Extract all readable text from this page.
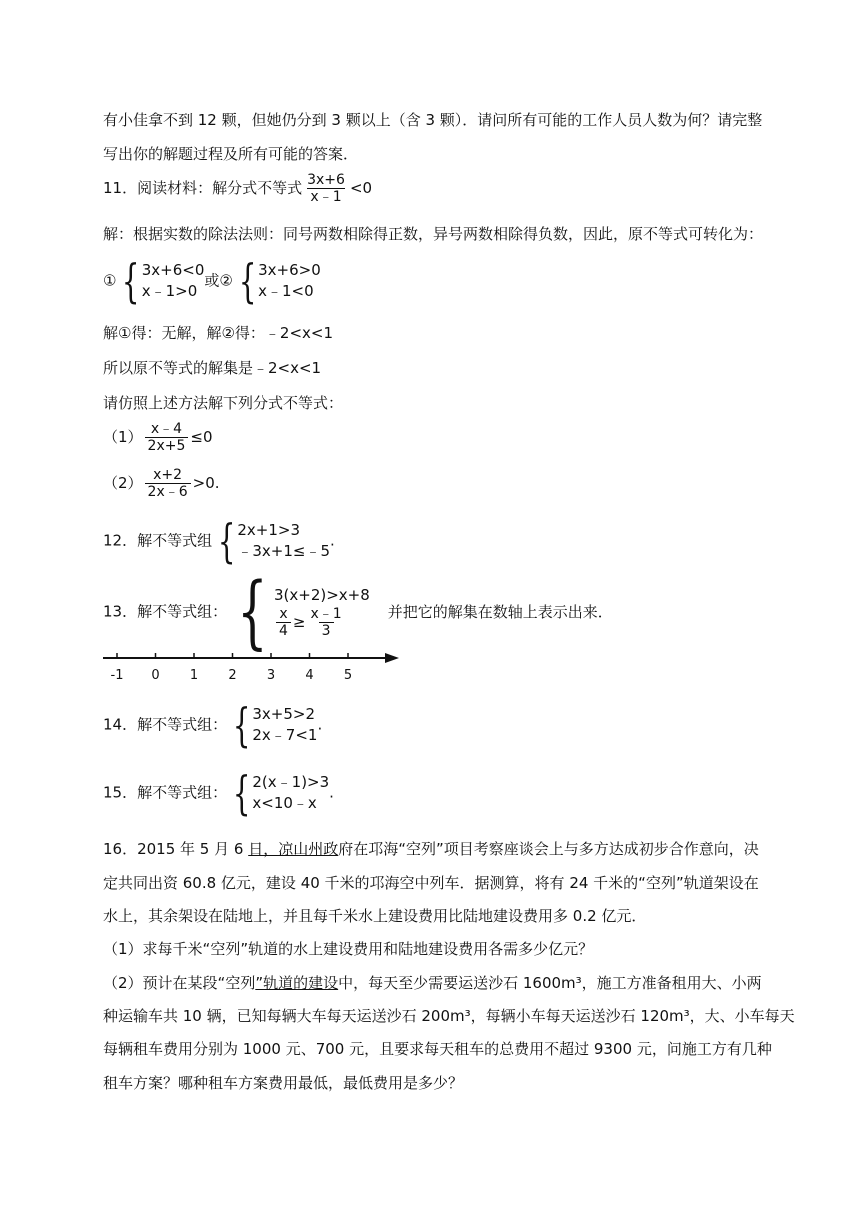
有小佳拿不到 12 颗，但她仍分到 3 颗以上（含 3 颗）．请问所有可能的工作人员人数为何？请完整
写出你的解题过程及所有可能的答案．
11．阅读材料：解分式不等式 $\frac{3x+6}{x﹣1} <0$
解：根据实数的除法法则：同号两数相除得正数，异号两数相除得负数，因此，原不等式可转化为：
① { 3x+6<0
x﹣1>0
或② { 3x+6>0
x﹣1<0
解①得：无解，解②得：﹣2<x<1
所以原不等式的解集是﹣2<x<1
请仿照上述方法解下列分式不等式：
$(1) \frac{x﹣4}{2x+5} \le 0$
$(2) \frac{x+2}{2x﹣6} >0$.
12．解不等式组 { 2x+1>3
﹣3x+1≤﹣5
.
13．解不等式组： { 3(x+2)>x+8
$\frac{x}{4} \ge \frac{x﹣1}{3}$	并把它的解集在数轴上表示出来．
-1 0 1 2 3 4 5
14．解不等式组： { 3x+5>2
2x﹣7<1
.
15．解不等式组： { 2(x﹣1)>3
x<10﹣x
.
16．2015 年 5 月 6 日，凉山州政府在邛海“空列”项目考察座谈会上与多方达成初步合作意向，决
定共同出资 60.8 亿元，建设 40 千米的邛海空中列车．据测算，将有 24 千米的“空列”轨道架设在
水上，其余架设在陆地上，并且每千米水上建设费用比陆地建设费用多 0.2 亿元．
（1）求每千米“空列”轨道的水上建设费用和陆地建设费用各需多少亿元？
（2）预计在某段“空列”轨道的建设中，每天至少需要运送沙石 1600m³，施工方准备租用大、小两
种运输车共 10 辆，已知每辆大车每天运送沙石 200m³，每辆小车每天运送沙石 120m³，大、小车每天
每辆租车费用分别为 1000 元、700 元，且要求每天租车的总费用不超过 9300 元，问施工方有几种
租车方案？哪种租车方案费用最低，最低费用是多少？
